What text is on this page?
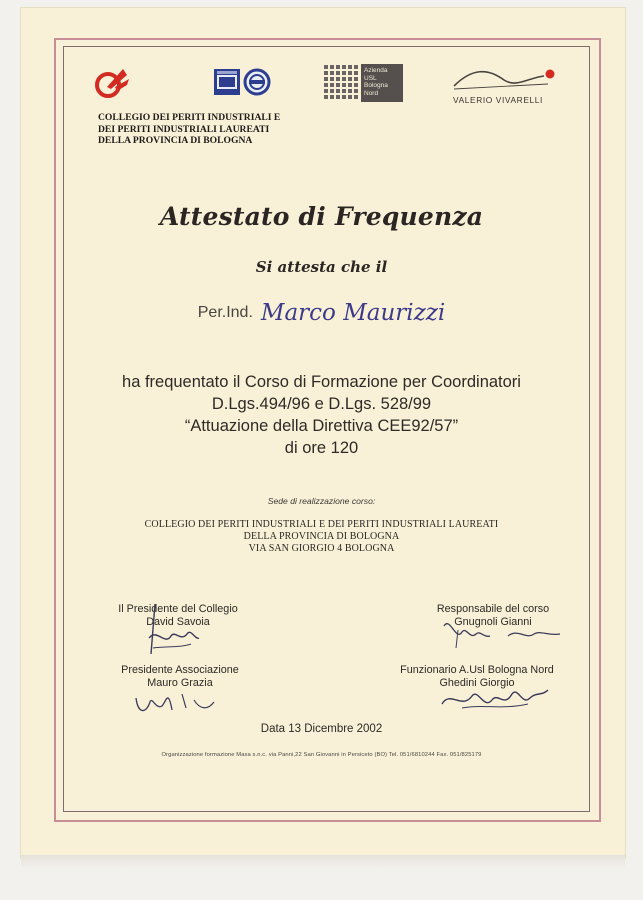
COLLEGIO DEI PERITI INDUSTRIALI E
DEI PERITI INDUSTRIALI LAUREATI
DELLA PROVINCIA DI BOLOGNA
Azienda
USL
Bologna
Nord
VALERIO VIVARELLI
Attestato di Frequenza
Si attesta che il
Per.Ind. Marco Maurizzi
ha frequentato il Corso di Formazione per Coordinatori
D.Lgs.494/96 e D.Lgs. 528/99
“Attuazione della Direttiva CEE92/57”
di ore 120
Sede di realizzazione corso:
COLLEGIO DEI PERITI INDUSTRIALI E DEI PERITI INDUSTRIALI LAUREATI
DELLA PROVINCIA DI BOLOGNA
VIA SAN GIORGIO 4 BOLOGNA
Il Presidente del Collegio
David Savoia
Responsabile del corso
Gnugnoli Gianni
Presidente Associazione
Mauro Grazia
Funzionario A.Usl Bologna Nord
Ghedini Giorgio
Data 13 Dicembre 2002
Organizzazione formazione Maxa s.n.c. via Panni,22 San Giovanni in Persiceto (BO) Tel. 051/6810244 Fax. 051/825179
